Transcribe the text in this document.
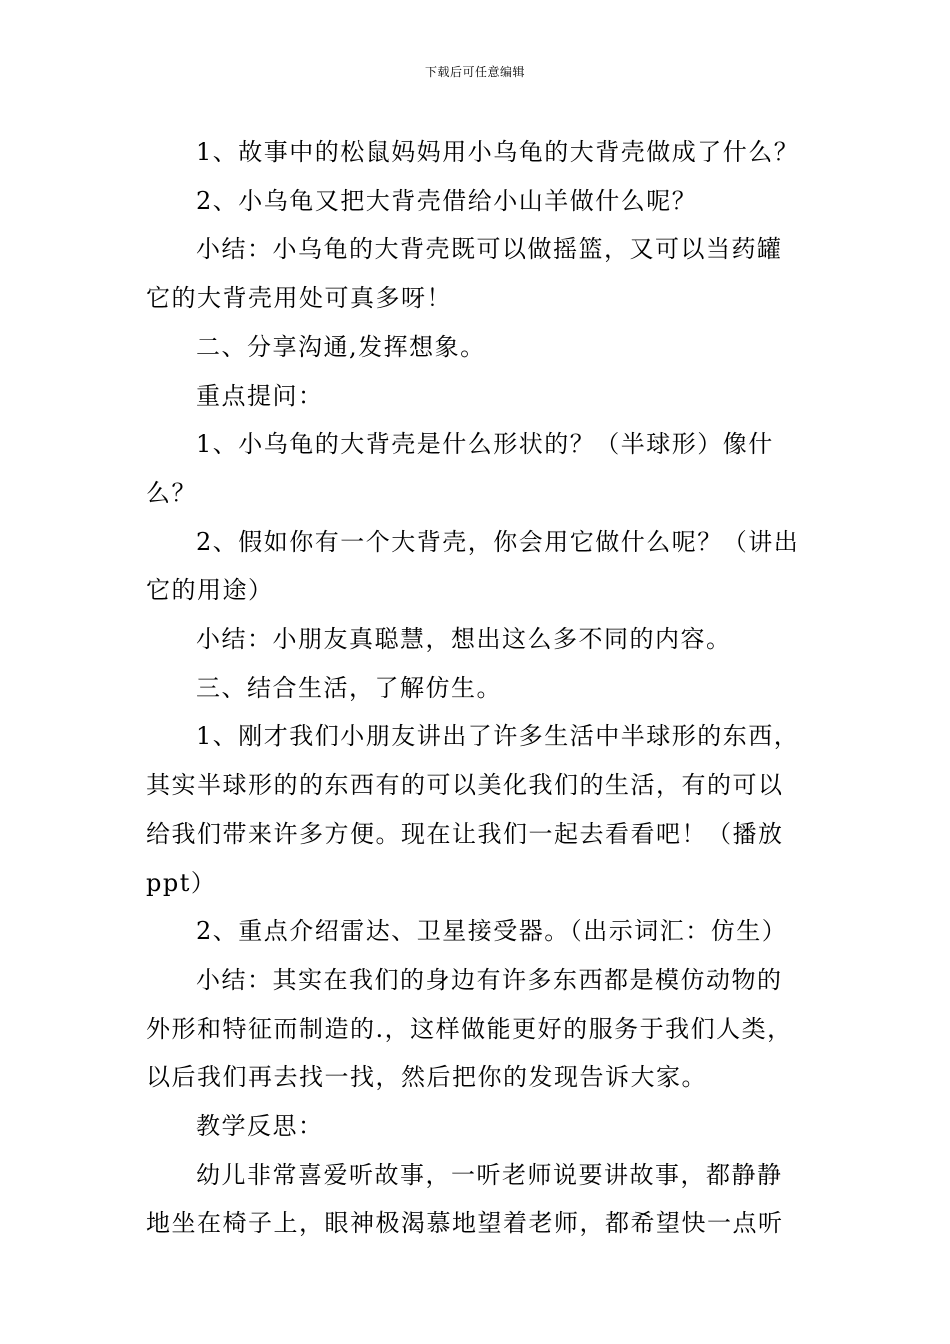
下载后可任意编辑

1、故事中的松鼠妈妈用小乌龟的大背壳做成了什么？

2、小乌龟又把大背壳借给小山羊做什么呢？

小结：小乌龟的大背壳既可以做摇篮，又可以当药罐
它的大背壳用处可真多呀！

二、分享沟通,发挥想象。

重点提问：

1、小乌龟的大背壳是什么形状的？（半球形）像什么？

2、假如你有一个大背壳，你会用它做什么呢？（讲出
它的用途）

小结：小朋友真聪慧，想出这么多不同的内容。

三、结合生活，了解仿生。

1、刚才我们小朋友讲出了许多生活中半球形的东西，
其实半球形的的东西有的可以美化我们的生活，有的可以
给我们带来许多方便。现在让我们一起去看看吧！（播放
ppt）

2、重点介绍雷达、卫星接受器。（出示词汇：仿生）

小结：其实在我们的身边有许多东西都是模仿动物的
外形和特征而制造的.，这样做能更好的服务于我们人类，
以后我们再去找一找，然后把你的发现告诉大家。

教学反思：

幼儿非常喜爱听故事，一听老师说要讲故事，都静静
地坐在椅子上，眼神极渴慕地望着老师，都希望快一点听
